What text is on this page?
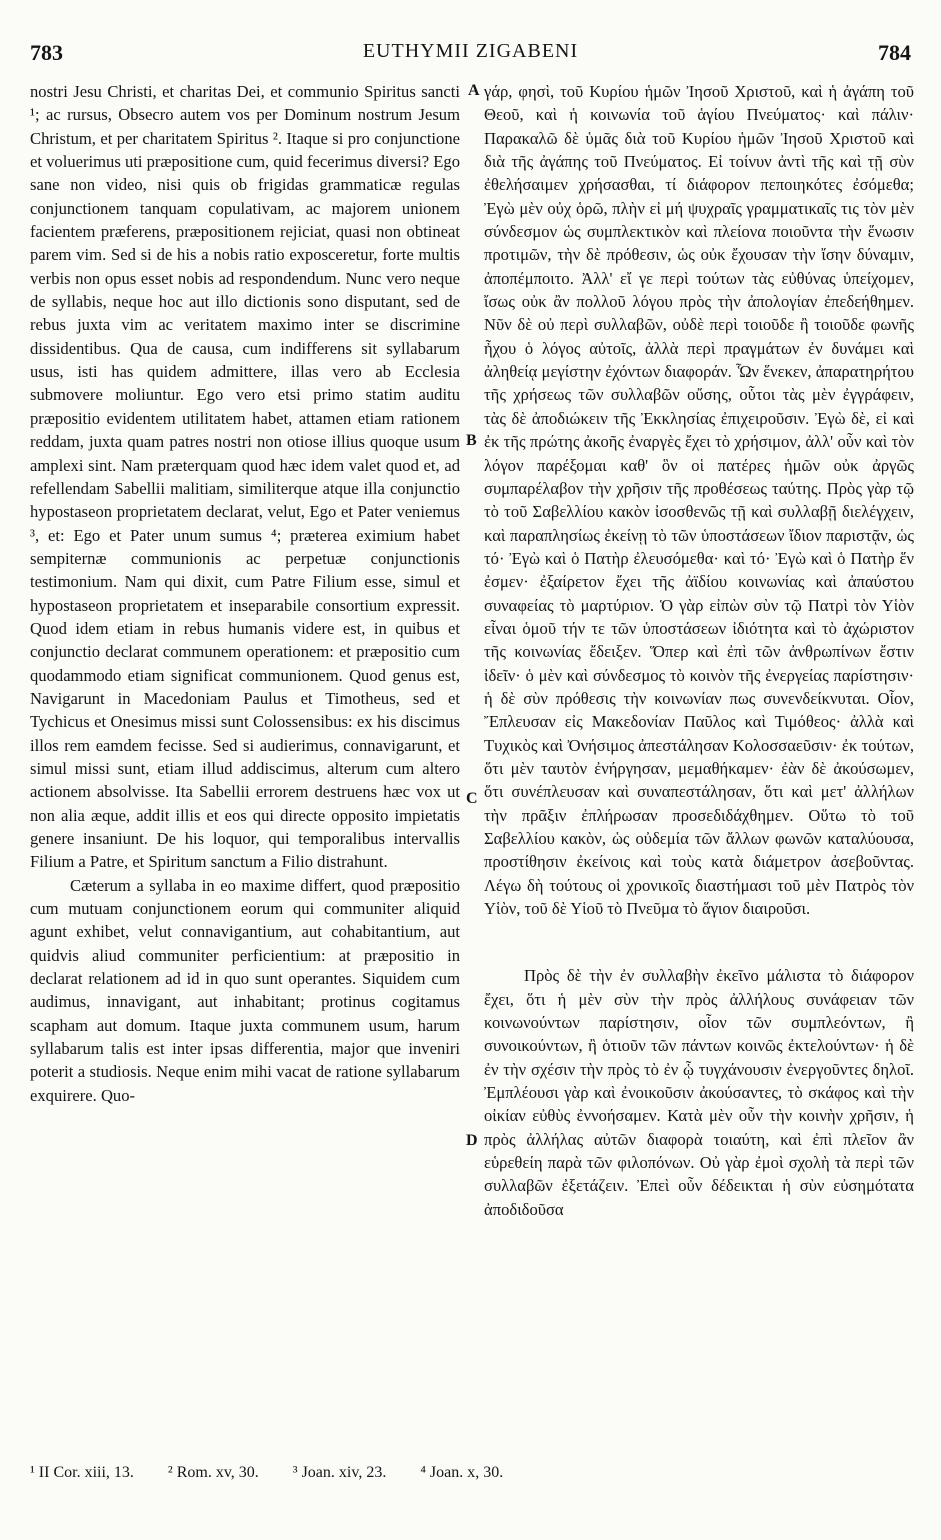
783	EUTHYMII ZIGABENI	784

nostri Jesu Christi, et charitas Dei, et communio Spiritus sancti ¹; ac rursus, Obsecro autem vos per Dominum nostrum Jesum Christum, et per charitatem Spiritus ². Itaque si pro conjunctione et voluerimus uti præpositione cum, quid fecerimus diversi? Ego sane non video, nisi quis ob frigidas grammaticæ regulas conjunctionem tanquam copulativam, ac majorem unionem facientem præferens, præpositionem rejiciat, quasi non obtineat parem vim. Sed si de his a nobis ratio exposceretur, forte multis verbis non opus esset nobis ad respondendum. Nunc vero neque de syllabis, neque hoc aut illo dictionis sono disputant, sed de rebus juxta vim ac veritatem maximo inter se discrimine dissidentibus. Qua de causa, cum indifferens sit syllabarum usus, isti has quidem admittere, illas vero ab Ecclesia submovere moliuntur. Ego vero etsi primo statim auditu præpositio evidentem utilitatem habet, attamen etiam rationem reddam, juxta quam patres nostri non otiose illius quoque usum amplexi sint. Nam præterquam quod hæc idem valet quod et, ad refellendam Sabellii malitiam, similiterque atque illa conjunctio hypostaseon proprietatem declarat, velut, Ego et Pater veniemus ³, et: Ego et Pater unum sumus ⁴; præterea eximium habet sempiternæ communionis ac perpetuæ conjunctionis testimonium. Nam qui dixit, cum Patre Filium esse, simul et hypostaseon proprietatem et inseparabile consortium expressit. Quod idem etiam in rebus humanis videre est, in quibus et conjunctio declarat communem operationem: et præpositio cum quodammodo etiam significat communionem. Quod genus est, Navigarunt in Macedoniam Paulus et Timotheus, sed et Tychicus et Onesimus missi sunt Colossensibus: ex his discimus illos rem eamdem fecisse. Sed si audierimus, connavigarunt, et simul missi sunt, etiam illud addiscimus, alterum cum altero actionem absolvisse. Ita Sabellii errorem destruens hæc vox ut non alia æque, addit illis et eos qui directe opposito impietatis genere insaniunt. De his loquor, qui temporalibus intervallis Filium a Patre, et Spiritum sanctum a Filio distrahunt.

Cæterum a syllaba in eo maxime differt, quod præpositio cum mutuam conjunctionem eorum qui communiter aliquid agunt exhibet, velut connavigantium, aut cohabitantium, aut quidvis aliud communiter perficientium: at præpositio in declarat relationem ad id in quo sunt operantes. Siquidem cum audimus, innavigant, aut inhabitant; protinus cogitamus scapham aut domum. Itaque juxta communem usum, harum syllabarum talis est inter ipsas differentia, major que inveniri poterit a studiosis. Neque enim mihi vacat de ratione syllabarum exquirere. Quo-

A
B
C
D

γάρ, φησὶ, τοῦ Κυρίου ἡμῶν Ἰησοῦ Χριστοῦ, καὶ ἡ ἀγάπη τοῦ Θεοῦ, καὶ ἡ κοινωνία τοῦ ἁγίου Πνεύματος· καὶ πάλιν· Παρακαλῶ δὲ ὑμᾶς διὰ τοῦ Κυρίου ἡμῶν Ἰησοῦ Χριστοῦ καὶ διὰ τῆς ἀγάπης τοῦ Πνεύματος. Εἰ τοίνυν ἀντὶ τῆς καὶ τῇ σὺν ἐθελήσαιμεν χρήσασθαι, τί διάφορον πεποιηκότες ἐσόμεθα; Ἐγὼ μὲν οὐχ ὁρῶ, πλὴν εἰ μή ψυχραῖς γραμματικαῖς τις τὸν μὲν σύνδεσμον ὡς συμπλεκτικὸν καὶ πλείονα ποιοῦντα τὴν ἕνωσιν προτιμῶν, τὴν δὲ πρόθεσιν, ὡς οὐκ ἔχουσαν τὴν ἴσην δύναμιν, ἀποπέμποιτο. Ἀλλ' εἴ γε περὶ τούτων τὰς εὐθύνας ὑπείχομεν, ἴσως οὐκ ἂν πολλοῦ λόγου πρὸς τὴν ἀπολογίαν ἐπεδεήθημεν. Νῦν δὲ οὐ περὶ συλλαβῶν, οὐδὲ περὶ τοιοῦδε ἢ τοιοῦδε φωνῆς ἦχου ὁ λόγος αὐτοῖς, ἀλλὰ περὶ πραγμάτων ἐν δυνάμει καὶ ἀληθείᾳ μεγίστην ἐχόντων διαφοράν. Ὧν ἕνεκεν, ἀπαρατηρήτου τῆς χρήσεως τῶν συλλαβῶν οὔσης, οὗτοι τὰς μὲν ἐγγράφειν, τὰς δὲ ἀποδιώκειν τῆς Ἐκκλησίας ἐπιχειροῦσιν. Ἐγὼ δὲ, εἰ καὶ ἐκ τῆς πρώτης ἀκοῆς ἐναργὲς ἔχει τὸ χρήσιμον, ἀλλ' οὖν καὶ τὸν λόγον παρέξομαι καθ' ὃν οἱ πατέρες ἡμῶν οὐκ ἀργῶς συμπαρέλαβον τὴν χρῆσιν τῆς προθέσεως ταύτης. Πρὸς γὰρ τῷ τὸ τοῦ Σαβελλίου κακὸν ἰσοσθενῶς τῇ καὶ συλλαβῇ διελέγχειν, καὶ παραπλησίως ἐκείνῃ τὸ τῶν ὑποστάσεων ἴδιον παριστᾷν, ὡς τό· Ἐγὼ καὶ ὁ Πατὴρ ἐλευσόμεθα· καὶ τό· Ἐγὼ καὶ ὁ Πατὴρ ἕν ἐσμεν· ἐξαίρετον ἔχει τῆς ἀϊδίου κοινωνίας καὶ ἀπαύστου συναφείας τὸ μαρτύριον. Ὁ γὰρ εἰπὼν σὺν τῷ Πατρὶ τὸν Υἱὸν εἶναι ὁμοῦ τήν τε τῶν ὑποστάσεων ἰδιότητα καὶ τὸ ἀχώριστον τῆς κοινωνίας ἔδειξεν. Ὅπερ καὶ ἐπὶ τῶν ἀνθρωπίνων ἔστιν ἰδεῖν· ὁ μὲν καὶ σύνδεσμος τὸ κοινὸν τῆς ἐνεργείας παρίστησιν· ἡ δὲ σὺν πρόθεσις τὴν κοινωνίαν πως συνενδείκνυται. Οἷον, Ἔπλευσαν εἰς Μακεδονίαν Παῦλος καὶ Τιμόθεος· ἀλλὰ καὶ Τυχικὸς καὶ Ὀνήσιμος ἀπεστάλησαν Κολοσσαεῦσιν· ἐκ τούτων, ὅτι μὲν ταυτὸν ἐνήργησαν, μεμαθήκαμεν· ἐὰν δὲ ἀκούσωμεν, ὅτι συνέπλευσαν καὶ συναπεστάλησαν, ὅτι καὶ μετ' ἀλλήλων τὴν πρᾶξιν ἐπλήρωσαν προσεδιδάχθημεν. Οὕτω τὸ τοῦ Σαβελλίου κακὸν, ὡς οὐδεμία τῶν ἄλλων φωνῶν καταλύουσα, προστίθησιν ἐκείνοις καὶ τοὺς κατὰ διάμετρον ἀσεβοῦντας. Λέγω δὴ τούτους οἱ χρονικοῖς διαστήμασι τοῦ μὲν Πατρὸς τὸν Υἱὸν, τοῦ δὲ Υἱοῦ τὸ Πνεῦμα τὸ ἅγιον διαιροῦσι.

Πρὸς δὲ τὴν ἐν συλλαβὴν ἐκεῖνο μάλιστα τὸ διάφορον ἔχει, ὅτι ἡ μὲν σὺν τὴν πρὸς ἀλλήλους συνάφειαν τῶν κοινωνούντων παρίστησιν, οἷον τῶν συμπλεόντων, ἢ συνοικούντων, ἢ ὁτιοῦν τῶν πάντων κοινῶς ἐκτελούντων· ἡ δὲ ἐν τὴν σχέσιν τὴν πρὸς τὸ ἐν ᾧ τυγχάνουσιν ἐνεργοῦντες δηλοῖ. Ἐμπλέουσι γὰρ καὶ ἐνοικοῦσιν ἀκούσαντες, τὸ σκάφος καὶ τὴν οἰκίαν εὐθὺς ἐννοήσαμεν. Κατὰ μὲν οὖν τὴν κοινὴν χρῆσιν, ἡ πρὸς ἀλλήλας αὐτῶν διαφορὰ τοιαύτη, καὶ ἐπὶ πλεῖον ἂν εὑρεθείη παρὰ τῶν φιλοπόνων. Οὐ γὰρ ἐμοὶ σχολὴ τὰ περὶ τῶν συλλαβῶν ἐξετάζειν. Ἐπεὶ οὖν δέδεικται ἡ σὺν εὐσημότατα ἀποδιδοῦσα

¹ II Cor. xiii, 13. ² Rom. xv, 30. ³ Joan. xiv, 23. ⁴ Joan. x, 30.
